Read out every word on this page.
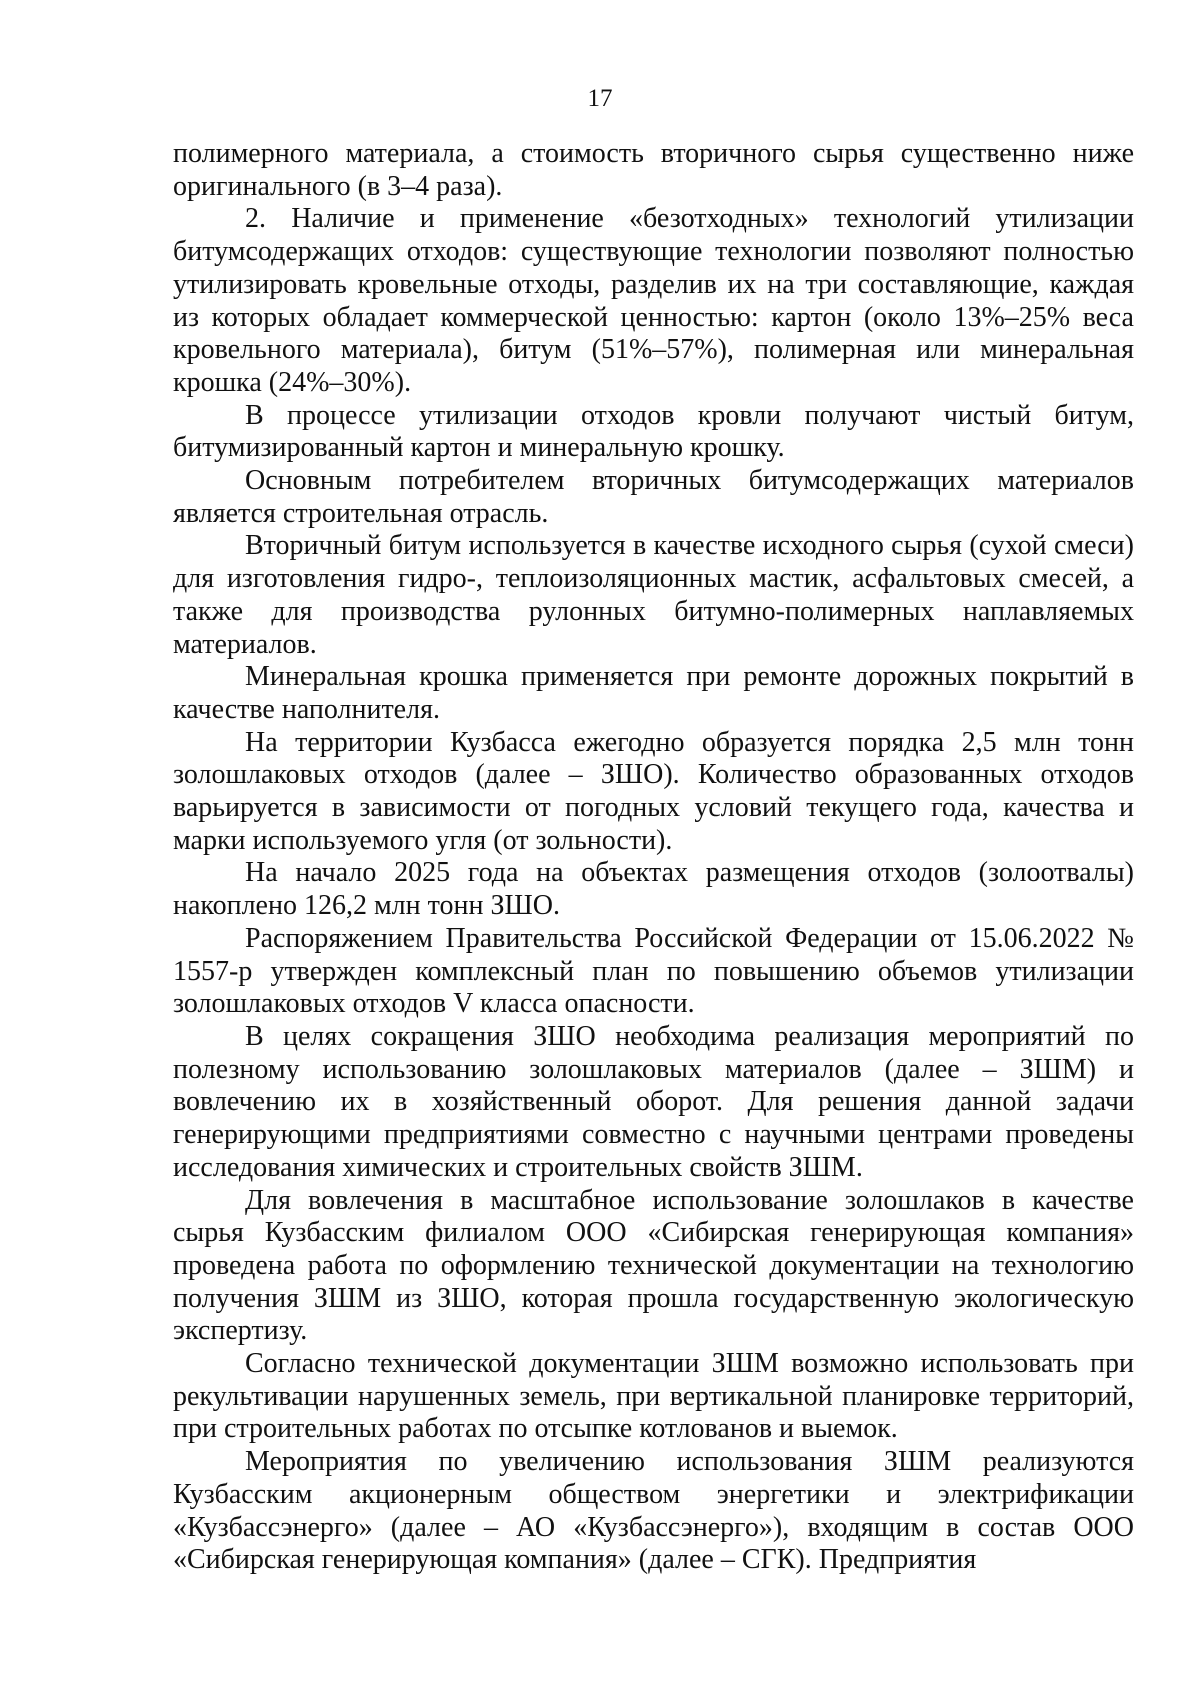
17

полимерного материала, а стоимость вторичного сырья существенно ниже оригинального (в 3–4 раза).

2. Наличие и применение «безотходных» технологий утилизации битумсодержащих отходов: существующие технологии позволяют полностью утилизировать кровельные отходы, разделив их на три составляющие, каждая из которых обладает коммерческой ценностью: картон (около 13%–25% веса кровельного материала), битум (51%–57%), полимерная или минеральная крошка (24%–30%).

В процессе утилизации отходов кровли получают чистый битум, битумизированный картон и минеральную крошку.

Основным потребителем вторичных битумсодержащих материалов является строительная отрасль.

Вторичный битум используется в качестве исходного сырья (сухой смеси) для изготовления гидро-, теплоизоляционных мастик, асфальтовых смесей, а также для производства рулонных битумно-полимерных наплавляемых материалов.

Минеральная крошка применяется при ремонте дорожных покрытий в качестве наполнителя.

На территории Кузбасса ежегодно образуется порядка 2,5 млн тонн золошлаковых отходов (далее – ЗШО). Количество образованных отходов варьируется в зависимости от погодных условий текущего года, качества и марки используемого угля (от зольности).

На начало 2025 года на объектах размещения отходов (золоотвалы) накоплено 126,2 млн тонн ЗШО.

Распоряжением Правительства Российской Федерации от 15.06.2022 № 1557-р утвержден комплексный план по повышению объемов утилизации золошлаковых отходов V класса опасности.

В целях сокращения ЗШО необходима реализация мероприятий по полезному использованию золошлаковых материалов (далее – ЗШМ) и вовлечению их в хозяйственный оборот. Для решения данной задачи генерирующими предприятиями совместно с научными центрами проведены исследования химических и строительных свойств ЗШМ.

Для вовлечения в масштабное использование золошлаков в качестве сырья Кузбасским филиалом ООО «Сибирская генерирующая компания» проведена работа по оформлению технической документации на технологию получения ЗШМ из ЗШО, которая прошла государственную экологическую экспертизу.

Согласно технической документации ЗШМ возможно использовать при рекультивации нарушенных земель, при вертикальной планировке территорий, при строительных работах по отсыпке котлованов и выемок.

Мероприятия по увеличению использования ЗШМ реализуются Кузбасским акционерным обществом энергетики и электрификации «Кузбассэнерго» (далее – АО «Кузбассэнерго»), входящим в состав ООО «Сибирская генерирующая компания» (далее – СГК). Предприятия
